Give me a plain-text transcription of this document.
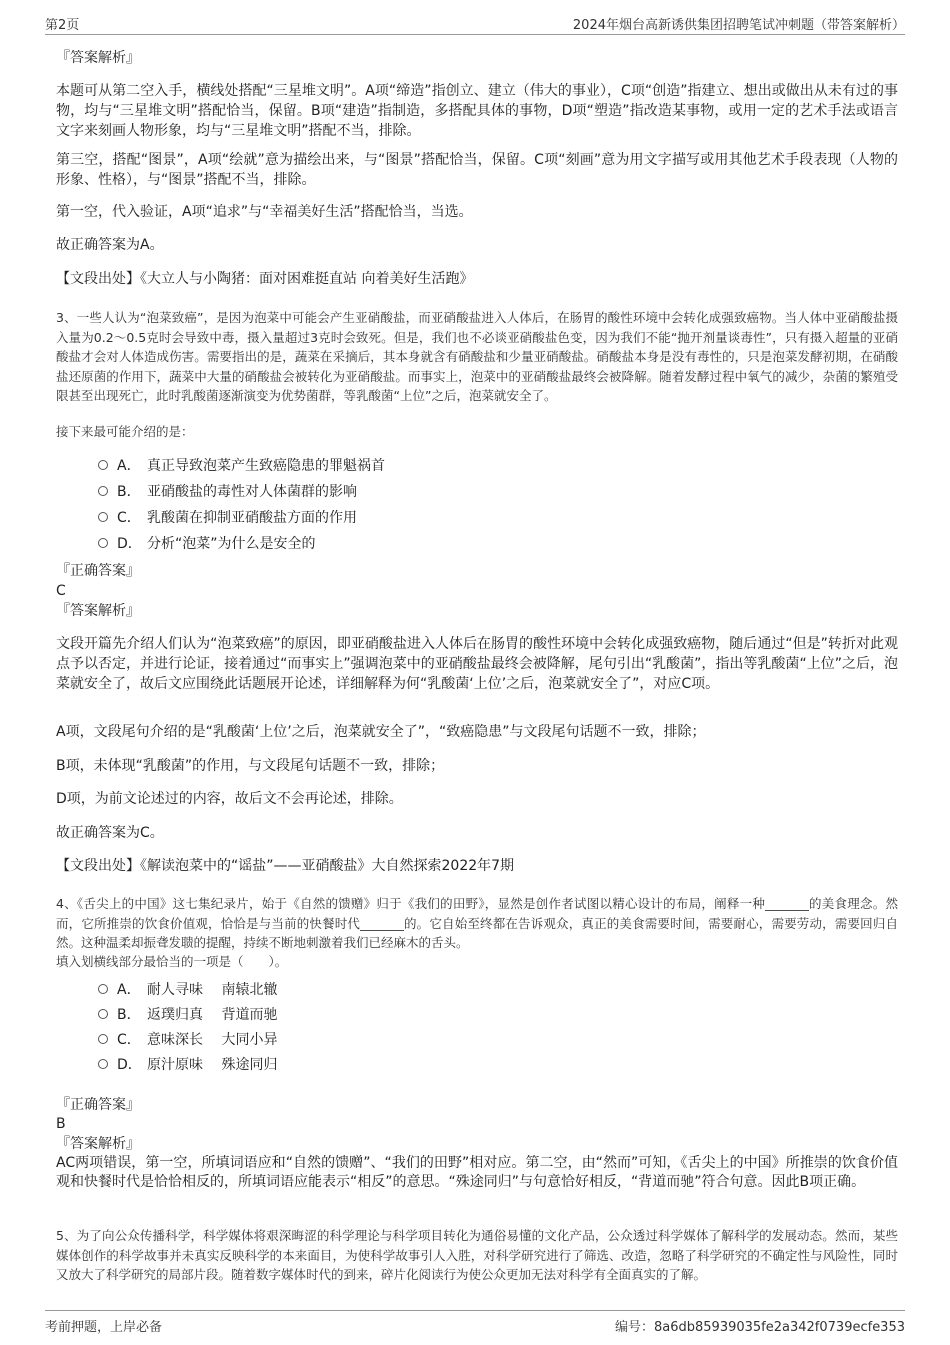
第2页	2024年烟台高新诱供集团招聘笔试冲刺题（带答案解析）
『答案解析』

本题可从第二空入手，横线处搭配“三星堆文明”。A项“缔造”指创立、建立（伟大的事业），C项“创造”指建立、想出或做出从未有过的事物，均与“三星堆文明”搭配恰当，保留。B项“建造”指制造，多搭配具体的事物，D项“塑造”指改造某事物，或用一定的艺术手法或语言文字来刻画人物形象，均与“三星堆文明”搭配不当，排除。

第三空，搭配“图景”，A项“绘就”意为描绘出来，与“图景”搭配恰当，保留。C项“刻画”意为用文字描写或用其他艺术手段表现（人物的形象、性格），与“图景”搭配不当，排除。

第一空，代入验证，A项“追求”与“幸福美好生活”搭配恰当，当选。

故正确答案为A。

【文段出处】《大立人与小陶猪：面对困难挺直站 向着美好生活跑》

3、一些人认为“泡菜致癌”，是因为泡菜中可能会产生亚硝酸盐，而亚硝酸盐进入人体后，在肠胃的酸性环境中会转化成强致癌物。当人体中亚硝酸盐摄入量为0.2～0.5克时会导致中毒，摄入量超过3克时会致死。但是，我们也不必谈亚硝酸盐色变，因为我们不能“抛开剂量谈毒性”，只有摄入超量的亚硝酸盐才会对人体造成伤害。需要指出的是，蔬菜在采摘后，其本身就含有硝酸盐和少量亚硝酸盐。硝酸盐本身是没有毒性的，只是泡菜发酵初期，在硝酸盐还原菌的作用下，蔬菜中大量的硝酸盐会被转化为亚硝酸盐。而事实上，泡菜中的亚硝酸盐最终会被降解。随着发酵过程中氧气的减少，杂菌的繁殖受限甚至出现死亡，此时乳酸菌逐渐演变为优势菌群，等乳酸菌“上位”之后，泡菜就安全了。

接下来最可能介绍的是：

A． 真正导致泡菜产生致癌隐患的罪魁祸首
B． 亚硝酸盐的毒性对人体菌群的影响
C． 乳酸菌在抑制亚硝酸盐方面的作用
D． 分析“泡菜”为什么是安全的
『正确答案』
C
『答案解析』

文段开篇先介绍人们认为“泡菜致癌”的原因，即亚硝酸盐进入人体后在肠胃的酸性环境中会转化成强致癌物，随后通过“但是”转折对此观点予以否定，并进行论证，接着通过“而事实上”强调泡菜中的亚硝酸盐最终会被降解，尾句引出“乳酸菌”，指出等乳酸菌“上位”之后，泡菜就安全了，故后文应围绕此话题展开论述，详细解释为何“乳酸菌‘上位’之后，泡菜就安全了”，对应C项。

A项，文段尾句介绍的是“乳酸菌‘上位’之后，泡菜就安全了”，“致癌隐患”与文段尾句话题不一致，排除；

B项，未体现“乳酸菌”的作用，与文段尾句话题不一致，排除；

D项，为前文论述过的内容，故后文不会再论述，排除。

故正确答案为C。

【文段出处】《解读泡菜中的“谣盐”——亚硝酸盐》大自然探索2022年7期

4、《舌尖上的中国》这七集纪录片，始于《自然的馈赠》归于《我们的田野》，显然是创作者试图以精心设计的布局，阐释一种_______的美食理念。然而，它所推崇的饮食价值观，恰恰是与当前的快餐时代_______的。它自始至终都在告诉观众，真正的美食需要时间，需要耐心，需要劳动，需要回归自然。这种温柔却振聋发聩的提醒，持续不断地刺激着我们已经麻木的舌头。

填入划横线部分最恰当的一项是（　　）。

A． 耐人寻味　 南辕北辙
B． 返璞归真　 背道而驰
C． 意味深长　 大同小异
D． 原汁原味　 殊途同归
『正确答案』
B
『答案解析』

AC两项错误，第一空，所填词语应和“自然的馈赠”、“我们的田野”相对应。第二空，由“然而”可知，《舌尖上的中国》所推崇的饮食价值观和快餐时代是恰恰相反的，所填词语应能表示“相反”的意思。“殊途同归”与句意恰好相反，“背道而驰”符合句意。因此B项正确。

5、为了向公众传播科学，科学媒体将艰深晦涩的科学理论与科学项目转化为通俗易懂的文化产品，公众透过科学媒体了解科学的发展动态。然而，某些媒体创作的科学故事并未真实反映科学的本来面目，为使科学故事引人入胜，对科学研究进行了筛选、改造，忽略了科学研究的不确定性与风险性，同时又放大了科学研究的局部片段。随着数字媒体时代的到来，碎片化阅读行为使公众更加无法对科学有全面真实的了解。

考前押题，上岸必备	编号：8a6db85939035fe2a342f0739ecfe353
